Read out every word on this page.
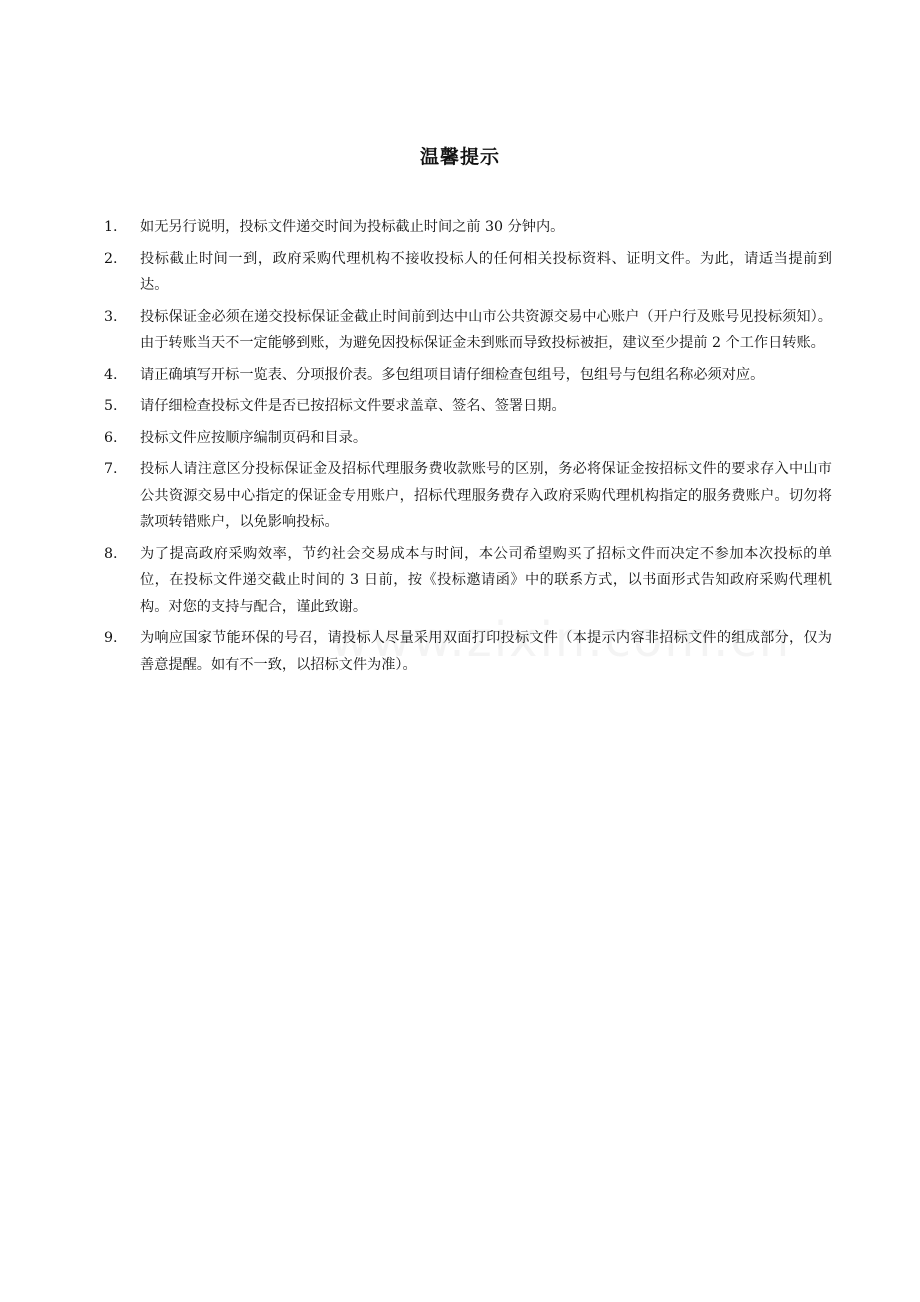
温馨提示
1.	如无另行说明，投标文件递交时间为投标截止时间之前 30 分钟内。
2.	投标截止时间一到，政府采购代理机构不接收投标人的任何相关投标资料、证明文件。为此，请适当提前到达。
3.	投标保证金必须在递交投标保证金截止时间前到达中山市公共资源交易中心账户（开户行及账号见投标须知）。由于转账当天不一定能够到账，为避免因投标保证金未到账而导致投标被拒，建议至少提前 2 个工作日转账。
4.	请正确填写开标一览表、分项报价表。多包组项目请仔细检查包组号，包组号与包组名称必须对应。
5.	请仔细检查投标文件是否已按招标文件要求盖章、签名、签署日期。
6.	投标文件应按顺序编制页码和目录。
7.	投标人请注意区分投标保证金及招标代理服务费收款账号的区别，务必将保证金按招标文件的要求存入中山市公共资源交易中心指定的保证金专用账户，招标代理服务费存入政府采购代理机构指定的服务费账户。切勿将款项转错账户，以免影响投标。
8.	为了提高政府采购效率，节约社会交易成本与时间，本公司希望购买了招标文件而决定不参加本次投标的单位，在投标文件递交截止时间的 3 日前，按《投标邀请函》中的联系方式，以书面形式告知政府采购代理机构。对您的支持与配合，谨此致谢。
9.	为响应国家节能环保的号召，请投标人尽量采用双面打印投标文件（本提示内容非招标文件的组成部分，仅为善意提醒。如有不一致，以招标文件为准）。
